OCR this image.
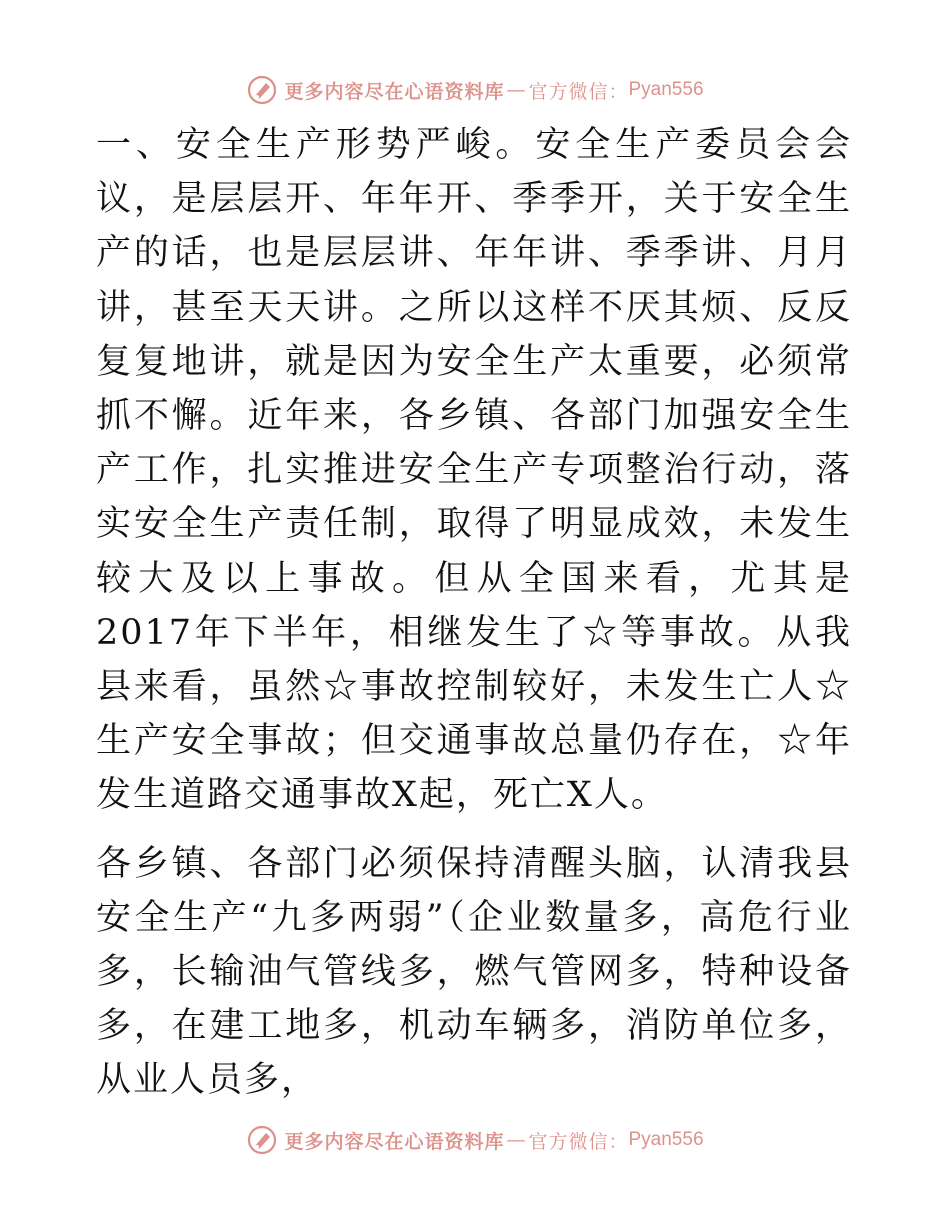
更多内容尽在心语资料库 — 官方微信： Pyan556

一、安全生产形势严峻。安全生产委员会会议，是层层开、年年开、季季开，关于安全生产的话，也是层层讲、年年讲、季季讲、月月讲，甚至天天讲。之所以这样不厌其烦、反反复复地讲，就是因为安全生产太重要，必须常抓不懈。近年来，各乡镇、各部门加强安全生产工作，扎实推进安全生产专项整治行动，落实安全生产责任制，取得了明显成效，未发生较大及以上事故。但从全国来看，尤其是2017年下半年，相继发生了☆等事故。从我县来看，虽然☆事故控制较好，未发生亡人☆生产安全事故；但交通事故总量仍存在，☆年发生道路交通事故X起，死亡X人。

各乡镇、各部门必须保持清醒头脑，认清我县安全生产“九多两弱”（企业数量多，高危行业多，长输油气管线多，燃气管网多，特种设备多，在建工地多，机动车辆多，消防单位多，从业人员多，

更多内容尽在心语资料库 — 官方微信： Pyan556
